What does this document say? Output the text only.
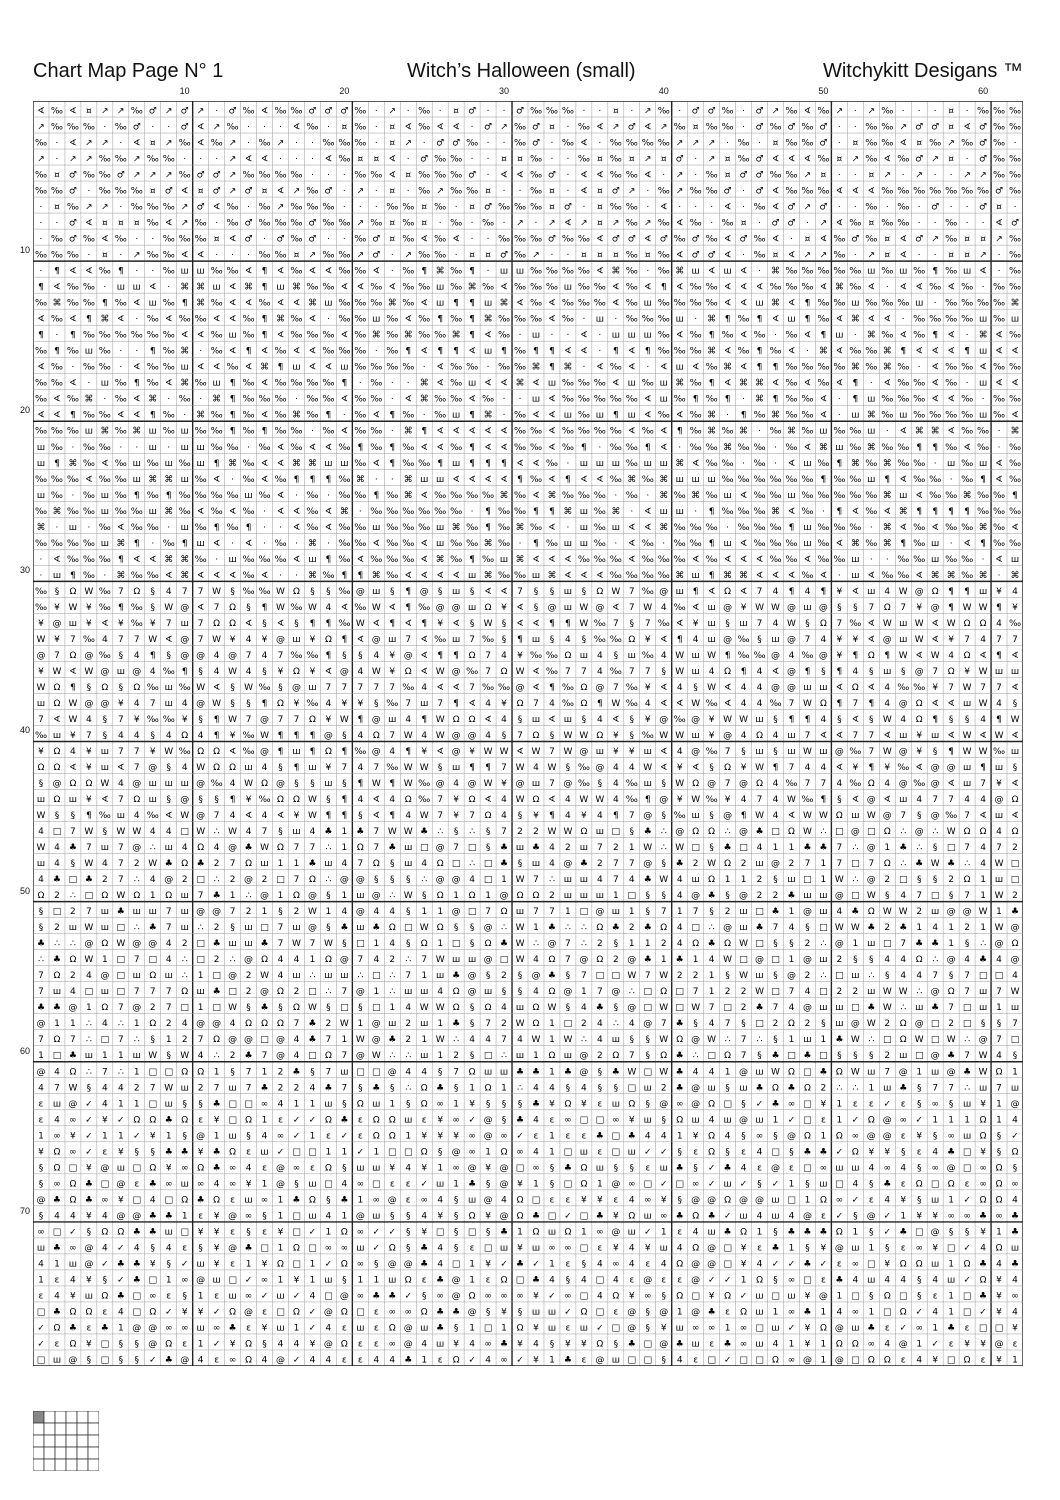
Chart Map Page N° 1	Witch’s Halloween (small)	Witchykitt Desigans ™
10	20	30	40	50	60
10
20
30
40
50
60
70
∢ ‰ ∢ ¤ ↗ ↗ ‰ ♂ ↗ ♂ ↗ · ♂ ‰ ∢ ‰ ‰ ♂ ♂ ♂ ‰ · ↗ · ‰ · ¤ ♂ · · ♂ ‰ ‰ ‰ · · ¤ · ↗ ‰ · ♂ ♂ ‰ · ♂ ↗ ‰ ∢ ‰ ↗ · ↗ ‰ · · · ¤ · ‰ ‰ ‰
↗ ‰ ‰ ‰ · ‰ ♂ · · ♂ ∢ ↗ ‰ · · · ∢ ‰ · ¤ ‰ · ¤ ∢ ‰ ∢ ∢ · ♂ ↗ ‰ ♂ ¤ · ‰ ∢ ↗ ♂ ∢ ↗ ‰ ¤ ‰ ‰ · ♂ ‰ ♂ ‰ ♂ · · ‰ ‰ ↗ ♂ ♂ ¤ ∢ ♂ ‰ ‰
‰ · ∢ ↗ ↗ · ∢ ¤ ↗ ‰ ∢ ‰ ↗ · ‰ ↗ · · ‰ ‰ ‰ · ¤ ↗ · ♂ ♂ ‰ · · ‰ ♂ · ‰ ∢ · ‰ ‰ ‰ ‰ ↗ ↗ ↗ · ‰ · ¤ ‰ ‰ ♂ · ¤ ‰ ‰ ∢ ¤ ‰ ↗ ‰ ♂ ‰ ·
↗ · ↗ ↗ ‰ ‰ ↗ ‰ ‰ · · · ↗ ∢ ∢ · · · ∢ ‰ ¤ ¤ ∢ · ♂ ‰ ‰ · · ¤ ¤ ‰ · · ‰ ¤ ‰ ¤ ↗ ¤ ♂ · ↗ ¤ ‰ ♂ ∢ ∢ ∢ ‰ ¤ ↗ ‰ ∢ ‰ ♂ ↗ ¤ · ♂ ‰ ‰
‰ ¤ ♂ ‰ ‰ ♂ ↗ ↗ ↗ ‰ ♂ ♂ ↗ ‰ ‰ ‰ ‰ · · · ‰ ‰ ∢ ¤ ‰ ‰ ‰ ♂ · ∢ ∢ ‰ ♂ · ∢ ∢ ‰ ‰ ∢ · ↗ · ‰ ¤ ♂ ♂ ‰ ‰ ↗ ¤ · · ¤ ↗ · ↗ · · ↗ ↗ ‰ ‰
‰ ‰ ♂ · ‰ ‰ ‰ ¤ ♂ ∢ ¤ ♂ ↗ ♂ ¤ ∢ ↗ ‰ ♂ · ↗ · ¤ · ‰ ↗ ‰ ‰ ¤ · · ‰ ¤ · ∢ ¤ ♂ ↗ · ‰ ↗ ‰ ‰ ♂ · ♂ ∢ ‰ ‰ ‰ ∢ ∢ ∢ ‰ ‰ ‰ ‰ ‰ ‰ ‰ ♂ ‰
· ¤ ‰ ↗ ↗ · ‰ ‰ ‰ ↗ ♂ ∢ ‰ · ‰ ↗ ‰ ‰ ‰ · · · ‰ ‰ ¤ ‰ · ¤ ♂ ‰ ‰ ‰ ¤ ♂ · ¤ ‰ ‰ · ∢ · · · ∢ · ‰ ∢ ♂ ↗ ♂ · · ‰ · ‰ · ♂ · · ♂ ¤ ·
· · ♂ ∢ ¤ ¤ ¤ ‰ ∢ ↗ ‰ · ‰ ♂ ‰ ‰ ‰ ♂ ‰ ‰ ↗ ‰ ¤ ‰ ¤ · ‰ · ‰ · ↗ · ↗ ∢ ↗ ¤ ↗ ‰ ↗ ‰ ∢ ‰ · ‰ ¤ · ♂ ♂ · ↗ ∢ ‰ ¤ ‰ ‰ · · ‰ · · ∢ ♂
· ‰ ♂ ‰ ∢ ‰ · · ‰ ‰ ‰ ¤ ∢ ♂ · ♂ ‰ ♂ · · ‰ ♂ ¤ ‰ ∢ ‰ ∢ · · ‰ ‰ ‰ ♂ ‰ ‰ ∢ ♂ ♂ ∢ ♂ ‰ ♂ ‰ ∢ ♂ ‰ ∢ · ¤ ∢ ‰ ♂ ‰ ¤ ∢ ♂ ↗ ‰ ¤ ¤ ↗ ‰
‰ ‰ ‰ · ¤ · ↗ ‰ ‰ ∢ ∢ · · · ‰ ‰ ¤ ↗ ‰ ‰ ↗ ♂ · ↗ ‰ ‰ · ¤ ¤ ♂ ‰ ↗ · · ¤ ¤ ¤ ‰ ¤ ‰ ∢ ♂ ♂ ∢ · ‰ ¤ ∢ ↗ ↗ ‰ · ↗ ¤ ∢ · · ¤ ¤ ↗ · ‰
· ¶ ∢ ∢ ‰ ¶ · · ‰ ш ш ‰ ‰ ∢ ¶ ∢ ‰ ∢ ∢ ‰ ‰ ∢ · ‰ ¶ ⌘ ‰ ¶ · ш ш ‰ ‰ ‰ ‰ ∢ ⌘ ‰ · ‰ ⌘ ш ∢ ш ∢ · ⌘ ‰ ‰ ‰ ‰ ‰ ш ‰ ш ‰ ¶ ‰ ш ∢ · ‰
¶ ∢ ‰ ‰ · ш ш ∢ · ⌘ ⌘ ш ∢ ⌘ ¶ ш ⌘ ‰ ‰ ∢ ∢ ‰ ∢ ‰ ‰ ш ‰ ⌘ ‰ ∢ ‰ ‰ ‰ ш ‰ ‰ ∢ ‰ ∢ ¶ ∢ ‰ ‰ ∢ ∢ ∢ ‰ ‰ ‰ ∢ ⌘ ‰ ∢ · ∢ ∢ ‰ ∢ ‰ · ‰ ‰
‰ ⌘ ‰ ‰ ¶ ‰ ∢ ш ‰ ¶ ⌘ ‰ ∢ ∢ ‰ ∢ ∢ ⌘ ш ‰ ‰ ‰ ⌘ ‰ ∢ ш ¶ ¶ ш ⌘ ∢ ‰ ∢ ‰ ‰ ‰ ∢ ‰ ш ‰ ‰ ‰ ‰ ∢ ∢ ш ⌘ ∢ ¶ ‰ ‰ ш ‰ ‰ ‰ ш · ‰ ‰ ‰ ‰ ⌘
∢ ‰ ∢ ¶ ⌘ ∢ · ‰ ∢ ‰ ‰ ∢ ∢ ‰ ¶ ⌘ ‰ ∢ · ‰ ‰ ш ‰ ∢ ‰ ¶ ‰ ¶ ⌘ ‰ ‰ ‰ ∢ ‰ · ш · ‰ ‰ ‰ ш · ⌘ ¶ ‰ ¶ ∢ ш ¶ ‰ ∢ ⌘ ∢ ∢ · ‰ ‰ ‰ ‰ ш ‰ ш
¶ · ¶ ‰ ‰ ‰ ‰ ‰ ‰ ∢ ∢ ‰ ш ‰ ¶ ∢ ‰ ‰ ‰ ∢ ‰ ⌘ ‰ ⌘ ‰ ‰ ⌘ ¶ ∢ ‰ · ш · · ∢ · ш ш ш ‰ ∢ ‰ ¶ ‰ ∢ ‰ · ‰ ∢ ¶ ш · ⌘ ‰ ∢ ‰ ¶ ∢ · ⌘ ∢ ‰
‰ ¶ ‰ ш ‰ · · ¶ ‰ ⌘ · ‰ ∢ ¶ ∢ ‰ ∢ ∢ ‰ ‰ ‰ · ‰ ¶ ∢ ¶ ¶ ∢ ш ¶ ‰ ¶ ¶ ∢ ∢ · ¶ ∢ ¶ ‰ ‰ ‰ ⌘ ∢ ‰ ¶ ‰ ∢ · ⌘ ∢ ‰ ‰ ⌘ ¶ ∢ ∢ ∢ ¶ ш ∢ ∢
∢ ‰ · ‰ ‰ · ∢ ‰ ‰ ш ∢ ∢ ‰ ∢ ⌘ ¶ ш ∢ ∢ ш ‰ ‰ ‰ ‰ · ∢ ‰ ‰ · ‰ ‰ ⌘ ¶ ⌘ · ∢ ‰ ∢ · ∢ ш ∢ ‰ ⌘ ∢ ¶ ¶ ‰ ‰ ‰ ‰ ⌘ ‰ ⌘ ‰ · ∢ ‰ ‰ ∢ ‰ ‰
‰ ‰ ∢ · ш ‰ ¶ ‰ ∢ ⌘ ‰ ш ¶ ‰ ∢ ‰ ‰ ‰ ‰ ¶ · ‰ · · ⌘ ∢ ‰ ш ∢ ∢ ⌘ ∢ ш ‰ ‰ ‰ ∢ ш ‰ ш ⌘ ‰ ¶ ∢ ⌘ ⌘ ∢ ‰ ∢ ‰ ∢ ¶ · ∢ ‰ ‰ ∢ ‰ · ш ∢ ∢
‰ ∢ ‰ ⌘ · ‰ ∢ ⌘ · ‰ · ⌘ ¶ ‰ ‰ ‰ · ‰ ‰ ∢ ‰ ‰ · ∢ ⌘ ‰ ‰ ∢ ‰ · · ш ∢ ‰ ‰ ‰ ‰ ‰ ∢ ш ‰ ¶ ‰ ¶ · ⌘ ¶ ‰ ‰ ∢ · ¶ ш ‰ ‰ ‰ ∢ ∢ ‰ · ‰ ‰
∢ ∢ ¶ ‰ ‰ ∢ ∢ ¶ ‰ · ⌘ ‰ ¶ ‰ ∢ ‰ ⌘ ‰ ¶ · ‰ ∢ ¶ ‰ · ‰ ш ¶ ⌘ · ‰ ∢ ∢ ш ‰ ш ¶ ш ∢ ‰ ∢ ‰ ⌘ · ¶ ‰ ⌘ ‰ ‰ ∢ · ш ⌘ ‰ ш ‰ ‰ ‰ ‰ ш ‰ ∢
‰ ‰ ‰ ш ⌘ ‰ ⌘ ш ‰ ш ‰ ‰ ¶ ‰ ¶ ‰ ‰ · ‰ ∢ ‰ ‰ · ⌘ ¶ ∢ ∢ ∢ ∢ ∢ ‰ ‰ ∢ ‰ ‰ ‰ ‰ ∢ ‰ ∢ ¶ ‰ ⌘ ‰ ⌘ · ‰ ⌘ ‰ ш ‰ ‰ ш · ∢ ⌘ ⌘ ∢ ‰ ‰ · ⌘
ш ‰ · ‰ ‰ · · ш · ш ш ‰ ‰ · ‰ ∢ ‰ ∢ ∢ ‰ ¶ ‰ ¶ ‰ ∢ ∢ ‰ ¶ ∢ ∢ ‰ ‰ ∢ ‰ ¶ · ‰ ‰ ¶ ∢ · ‰ ‰ ⌘ ‰ ‰ · ‰ ∢ ⌘ ш ‰ ⌘ ‰ ‰ ¶ ¶ ‰ ∢ ‰ · ‰
ш ¶ ⌘ ‰ ∢ ‰ ш ‰ ш ‰ ш ¶ ⌘ ‰ ∢ ∢ ⌘ ⌘ ш ш ‰ ∢ ¶ ‰ ‰ ¶ ш ¶ ¶ ¶ ∢ ∢ ‰ · ш ш ш ‰ ш ш ⌘ ∢ ‰ ‰ · ‰ · ∢ ш ‰ ¶ ⌘ ‰ ⌘ ‰ ‰ · ш ‰ ш ∢ ‰
‰ ‰ ‰ ∢ ‰ ‰ ш ⌘ ⌘ ш ‰ ∢ · ‰ ∢ ‰ ¶ ¶ ¶ ‰ ⌘ · · ⌘ ш ш ∢ ∢ ∢ ∢ ¶ ‰ ∢ ¶ ∢ ∢ ‰ ⌘ ‰ ⌘ ш ш ш ‰ ‰ ‰ ‰ ‰ ‰ ¶ ‰ ‰ ш ¶ ∢ ‰ ‰ · ‰ ¶ ∢ ‰
ш ‰ · ‰ ш ‰ ¶ ‰ ¶ ‰ ‰ ‰ ‰ ш ‰ ∢ · ‰ · ‰ ‰ ¶ ‰ ⌘ ∢ ‰ ‰ ‰ ‰ ⌘ ‰ ∢ ⌘ ‰ ‰ ‰ · ‰ · ⌘ ‰ ⌘ ‰ ш ∢ ‰ ‰ ш ‰ ‰ ‰ ‰ ‰ ⌘ ш ∢ ‰ ‰ ⌘ ‰ ‰ ¶
‰ ⌘ ‰ ‰ ш ‰ ‰ ш ⌘ ‰ ∢ ‰ ∢ ‰ · ∢ ∢ ‰ ∢ ⌘ · ‰ ‰ ‰ ‰ ‰ ‰ · ¶ ‰ ‰ ¶ ¶ ⌘ ш ‰ ⌘ · ∢ ш ш · ¶ ‰ ‰ ‰ ⌘ ∢ ‰ · ¶ ∢ ‰ ∢ ⌘ ¶ ¶ ¶ ¶ ‰ ‰ ‰
⌘ · ш · ‰ ∢ ‰ ‰ · ш ‰ ¶ ‰ ¶ · · ∢ ‰ ∢ ‰ ‰ ш ‰ ‰ ‰ ш ⌘ ‰ ¶ ‰ ⌘ ‰ ∢ · ш ‰ ш ∢ ∢ ⌘ ‰ ‰ ‰ · ‰ ‰ ‰ ¶ ш ‰ ‰ ‰ · ⌘ ∢ ‰ ∢ ‰ ‰ ⌘ ‰ ∢
‰ ‰ ‰ ‰ ш ⌘ ¶ · ‰ ¶ ш ∢ · ∢ · ‰ · ⌘ · ‰ ‰ ∢ ‰ ‰ ∢ ш ‰ ‰ ⌘ ‰ · ¶ ‰ ш ш ‰ · ∢ ‰ · ‰ ‰ ¶ ш ∢ ‰ ‰ ‰ ш ‰ ∢ ⌘ ‰ ⌘ ¶ ‰ ш · ∢ ¶ ‰ ‰
· ∢ ‰ ‰ ‰ ¶ ∢ ∢ ⌘ ⌘ ‰ · ш ‰ ‰ ‰ ∢ ш ¶ ‰ ∢ ‰ ‰ ‰ ∢ ⌘ ‰ ¶ ‰ ш ⌘ ∢ ∢ ∢ ‰ ‰ ‰ ∢ ‰ ‰ ‰ ∢ ‰ ∢ ∢ ∢ ‰ ‰ ∢ ‰ ‰ ш · · ‰ ‰ ш ‰ ‰ · ∢ ш
· ш ¶ ‰ · ⌘ ‰ ‰ ∢ ⌘ ∢ ∢ ∢ ‰ ∢ · · ⌘ ‰ ¶ ¶ ⌘ ‰ ∢ ∢ ∢ ∢ ш ⌘ ‰ ‰ ш ⌘ ∢ ∢ ∢ ‰ ‰ ‰ ‰ ⌘ ш ¶ ⌘ ⌘ ∢ ∢ ∢ ‰ ∢ · ш ∢ ‰ ‰ ∢ ⌘ ⌘ ‰ ⌘ · ⌘
‰ § Ω W ‰ 7 Ω § 4 7 7 W § ‰ ‰ W Ω § § ‰ @ ш § ¶ @ § ш § ∢ ∢ 7 § § ш § Ω W 7 ‰ @ ш ¶ ∢ Ω ∢ 7 4 ¶ 4 ¶ ¥ ∢ ш 4 W @ Ω ¶ ¶ ш ¥ 4
‰ ¥ W ¥ ‰ ¶ ‰ § W @ ∢ 7 Ω § ¶ W ‰ W 4 ∢ ‰ W ∢ ¶ ‰ @ @ ш Ω ¥ ∢ § @ ш W @ ∢ 7 W 4 ‰ ∢ ш @ ¥ W W @ ш @ § § 7 Ω 7 ¥ @ ¶ W W ¶ ¥
¥ @ ш ¥ ∢ ¥ ‰ ¥ 7 ш 7 Ω Ω ∢ § ∢ § ¶ ¶ ‰ W ∢ ¶ ∢ ¶ ¥ ∢ § W § ∢ ∢ ¶ ¶ W ‰ 7 § 7 ‰ ∢ ¥ ш § ш 7 4 W § Ω 7 ‰ ∢ W ш W ∢ W Ω Ω 4 ‰
W ¥ 7 ‰ 4 7 7 W ∢ @ 7 W ¥ 4 ¥ @ ш ¥ Ω ¶ ∢ @ ш 7 ∢ ‰ ш 7 ‰ § ¶ ш § 4 § ‰ ‰ Ω ¥ ∢ ¶ 4 ш @ ‰ § ш @ 7 4 ¥ ¥ ∢ @ ш W ∢ ¥ 7 4 7 7
@ 7 Ω @ ‰ § 4 ¶ § @ @ 4 @ 7 4 7 ‰ ‰ ¶ § § 4 ¥ @ ∢ ¶ ¶ Ω 7 4 ¥ ‰ ‰ Ω ш 4 § ш ‰ 4 W ш W ¶ ‰ ‰ @ 4 ‰ @ ¥ ¶ Ω ¶ W ∢ W 4 Ω ∢ ¶ ∢
¥ W ∢ W @ ш @ 4 ‰ ¶ § 4 W 4 § ¥ Ω ¥ ∢ @ 4 W ¥ Ω ∢ W @ ‰ 7 Ω W ∢ ‰ 7 7 4 ‰ 7 7 § W ш 4 Ω ¶ 4 ∢ @ ¶ § ¶ 4 § ш § @ 7 Ω ¥ W ш ш
W Ω ¶ § Ω § Ω ‰ ш ‰ W ∢ § W ‰ § @ ш 7 7 7 7 7 ‰ 4 ∢ ∢ 7 ‰ ‰ @ ∢ ¶ ‰ Ω @ 7 ‰ ¥ ∢ 4 § W ∢ 4 4 @ @ ш ш ∢ Ω ∢ 4 ‰ ‰ ¥ 7 W 7 7 ∢
ш Ω W @ @ ¥ 4 7 ш 4 @ W § § ¶ Ω ¥ ‰ 4 ¥ ¥ § ‰ 7 ш 7 ¶ ∢ 4 ¥ Ω 7 4 ‰ Ω ¶ W ‰ 4 ∢ ∢ W ‰ ∢ 4 4 ‰ 7 W Ω ¶ 7 ¶ 4 @ Ω ∢ ∢ ш W 4 §
7 ∢ W 4 § 7 ¥ ‰ ‰ ¥ § ¶ W 7 @ 7 7 Ω ¥ W ¶ @ ш 4 ¶ W Ω Ω ∢ 4 § ш ∢ ш § 4 ∢ § ¥ @ ‰ @ ¥ W W ш § ¶ ¶ 4 § ∢ § W 4 Ω ¶ § § 4 ¶ W
‰ ш ¥ 7 § 4 4 § 4 Ω 4 ¶ ¥ ‰ W ¶ ¶ ¶ @ § 4 Ω 7 W 4 W @ @ 4 § 7 Ω § W W Ω ¥ § ‰ W W ш ¥ @ 4 Ω 4 ш 7 ∢ ∢ 7 7 ∢ ш ¥ ш ∢ W ∢ W ∢
¥ Ω 4 ¥ ш 7 7 ¥ W ‰ Ω Ω ∢ ‰ @ ¶ ш ¶ Ω ¶ ‰ @ 4 ¶ ¥ ∢ @ ¥ W W ∢ W 7 W @ ш ¥ ¥ ш ∢ 4 @ ‰ 7 § ш § ш W ш @ ‰ 7 W @ ¥ § ¶ W W ‰ ш
Ω Ω ∢ ¥ ш ∢ 7 @ § 4 W Ω Ω ш 4 § ¶ ш ¥ 7 4 7 ‰ W W § ш ¶ ¶ 7 W 4 W § ‰ @ 4 4 W ∢ ¥ ∢ § Ω ¥ W ¶ 7 4 4 ∢ ¥ ¶ ¥ ‰ ∢ @ @ ш ¶ ш §
§ @ Ω Ω W 4 @ ш ш ш @ ‰ 4 W Ω @ § § ш § ¶ W ¶ W ‰ @ 4 @ W ¥ @ ш 7 @ ‰ § 4 ‰ ш § W Ω @ 7 @ Ω 4 ‰ 7 7 4 ‰ Ω 4 @ ‰ @ ∢ ш 7 ¥ ∢
ш Ω ш ¥ ∢ 7 Ω ш § @ § § ¶ ¥ ‰ Ω Ω W § ¶ 4 ∢ 4 Ω ‰ 7 ¥ Ω ∢ 4 W Ω ∢ 4 W W 4 ‰ ¶ @ ¥ W ‰ ¥ 4 7 4 W ‰ ¶ § ∢ @ ∢ ш 4 7 7 4 4 @ Ω
W § § ¶ ‰ ш 4 ‰ ∢ W @ 7 4 ∢ 4 ∢ ¥ W ¶ ¶ § ∢ ¶ 4 W 7 ¥ 7 Ω 4 § ¥ ¶ 4 ¥ 4 ¶ 7 @ § ‰ ш § @ ¶ W 4 ∢ W W Ω ш W @ 7 § @ ‰ 7 ∢ ш ∢
4 □ 7 W § W W 4 4 □ W ∴ W 4 7 § ш 4 ♣ 1 ♣ 7 W W ♣ ∴ § ∴ § 7 2 2 W W Ω ш □ § ♣ ∴ @ Ω Ω ∴ @ ♣ □ Ω W ∴ □ @ □ Ω ∴ @ ∴ W Ω Ω 4 Ω
W 4 ♣ 7 ш 7 @ ∴ ш 4 Ω 4 @ ♣ W Ω 7 7 ∴ 1 Ω 7 ♣ ш □ @ 7 □ § ♣ ш ♣ 4 2 ш 7 2 1 W ∴ W □ § ♣ □ 4 1 1 ♣ ♣ 7 ∴ @ 1 ♣ ∴ § □ 7 4 7 2
ш 4 § W 4 7 2 W ♣ Ω ♣ 2 7 Ω ш 1 1 ♣ ш 4 7 Ω § ш 4 Ω □ ∴ □ ♣ § ш 4 @ ♣ 2 7 7 @ § ♣ 2 W Ω 2 ш @ 2 7 1 7 □ 7 Ω ∴ ♣ W ♣ ∴ 4 W □
4 ♣ □ ♣ 2 7 ∴ 4 @ 2 □ ∴ 2 @ 2 □ 7 Ω ∴ @ @ § § § ∴ @ @ 4 □ 1 W 7 ∴ ш ш 4 7 4 ♣ W 4 ш Ω 1 1 2 § ш □ 1 W ∴ @ 2 □ § § 2 Ω 1 ш □
Ω 2 ∴ □ Ω W Ω 1 Ω ш 7 ♣ 1 ∴ @ 1 Ω @ § 1 ш @ ∴ W § Ω 1 Ω 1 @ Ω Ω 2 ш ш ш 1 □ § § 4 @ ♣ § @ 2 2 ♣ ш ш @ □ W § 4 7 □ § 7 1 W 2
§ □ 2 7 ш ♣ ш ш 7 ш @ @ 7 2 1 § 2 W 1 4 @ 4 4 § 1 1 @ □ 7 Ω ш 7 7 1 □ @ ш 1 § 7 1 7 § 2 ш □ ♣ 1 @ ш 4 ♣ Ω W W 2 ш @ @ W 1 ♣
§ 2 ш W ш □ ∴ ♣ 7 ш ∴ 2 § ш □ 7 ш @ § ♣ ш ♣ Ω □ W Ω § § @ ∴ W 1 ♣ ∴ ∴ Ω ♣ 2 ♣ Ω 4 □ ∴ @ ш ♣ 7 4 § □ W W ♣ 2 ♣ 1 4 1 2 1 W @
♣ ∴ ∴ @ Ω W @ @ 4 2 □ ♣ ш ш ♣ 7 W 7 W § □ 1 4 § Ω 1 □ § Ω ♣ W ∴ @ 7 ∴ 2 § 1 1 2 4 Ω ♣ Ω W □ § § 2 ∴ @ 1 ш □ 7 ♣ ♣ 1 § ∴ @ Ω
∴ ♣ Ω W 1 □ 7 □ 4 ∴ □ 2 ∴ @ Ω 4 4 1 Ω @ 7 4 2 ∴ 7 W ш ш @ □ W 4 Ω 7 @ Ω 2 @ ♣ 1 ♣ 1 4 W □ @ □ 1 @ ш 2 § § 4 4 Ω ∴ @ 4 ♣ 4 @
7 Ω 2 4 @ □ ш Ω ш ∴ 1 □ @ 2 W 4 ш ∴ ш ш ∴ □ ∴ 7 1 ш ♣ @ § 2 § @ ♣ § 7 □ □ W 7 W 2 2 1 § W ш § @ 2 ∴ □ ш ∴ § 4 4 7 § 7 □ □ 4
7 ш 4 □ ш □ 7 7 7 Ω ш ♣ □ 2 @ Ω 2 □ ∴ 7 @ 1 ∴ ш ш 4 Ω @ ш § § 4 Ω @ 1 7 @ ∴ □ Ω □ 7 1 2 2 W □ 7 4 □ 2 2 ш W W ∴ @ Ω 7 ш 7 W
♣ ♣ @ 1 Ω 7 @ 2 7 □ 1 □ W § ♣ § Ω W § □ § □ 1 4 W W Ω § Ω 4 ш Ω W § 4 ♣ § @ □ W □ W 7 □ 2 ♣ 7 4 @ ш ш □ ♣ W ∴ ш ♣ 7 □ ш 1 ш
@ 1 1 ∴ 4 ∴ 1 Ω 2 4 @ @ 4 Ω Ω Ω 7 ♣ 2 W 1 @ ш 2 ш 1 ♣ § 7 2 W Ω 1 □ 2 4 ∴ 4 @ 7 ♣ § 4 7 § □ 2 Ω 2 § ш @ W 2 Ω @ □ 2 □ § § 7
7 Ω 7 ∴ □ 7 ∴ § 1 2 7 Ω @ @ □ @ 4 ♣ 7 1 W @ ♣ 2 1 W ∴ 4 4 7 4 W 1 W ∴ 4 ш § § W Ω @ W ∴ 7 ∴ § 1 ш 1 ♣ W ∴ □ Ω W □ W ∴ @ 7 □
1 □ ♣ ш 1 1 ш W § W 4 ∴ 2 ♣ 7 @ 4 □ Ω 7 @ W ∴ ∴ ш 1 2 § □ ∴ ш 1 Ω ш @ 2 Ω 7 § Ω ♣ ∴ □ Ω 7 § ♣ □ ♣ □ § § § 2 ш □ @ ♣ 7 W 4 §
@ 4 Ω ∴ 7 ∴ 1 □ □ Ω Ω 1 § 7 1 2 ♣ § 7 ш □ □ @ 4 4 § 7 Ω ш ш ♣ ♣ 1 ♣ @ § ♣ W □ W ♣ 4 4 1 @ ш W Ω □ ♣ Ω W ш 7 @ 1 ш @ ♣ W Ω 1
4 7 W § 4 4 2 7 W ш 2 7 ш 7 ♣ 2 2 4 ♣ 7 § ♣ § ∴ Ω ♣ § 1 Ω 1 ∴ 4 4 § 4 § § □ ш 2 ♣ @ ш § ш ♣ Ω ♣ Ω 2 ∴ ∴ 1 ш ♣ § 7 7 ∴ ш 7 ш
ε ш @ ✓ 4 1 1 □ ш § § ♣ □ □ ∞ 4 1 1 ш § Ω ш 1 § Ω ∞ 1 ¥ § § § ♣ ¥ Ω ¥ ε ш Ω § @ ∞ @ Ω □ § ✓ ♣ ∞ □ ¥ 1 ε ε ✓ ε § ∞ § ш ¥ 1 @
ε 4 ∞ ✓ ¥ ✓ Ω Ω ♣ Ω ε ¥ □ Ω 1 ε ✓ ✓ Ω ♣ ε Ω Ω ш ε ¥ ∞ ✓ @ § ♣ 4 ε ∞ □ □ ∞ ¥ ш § Ω ш 4 ш @ ш 1 ✓ □ ε 1 ✓ Ω @ ∞ ✓ 1 1 1 Ω 1 4
1 ∞ ¥ ✓ 1 1 ✓ ¥ 1 § @ 1 ш § 4 ∞ ✓ 1 ε ✓ ε Ω Ω 1 ¥ ¥ ¥ ∞ @ ∞ ✓ ε 1 ε ε ♣ □ ♣ 4 4 1 ¥ Ω 4 § ∞ § @ Ω 1 Ω ∞ @ @ ε ¥ § ∞ ш Ω § ✓
¥ Ω ∞ ✓ ε ¥ § § ♣ ♣ ¥ ♣ Ω ε ш ✓ □ □ 1 1 ✓ 1 □ □ Ω § @ ∞ 1 Ω ∞ 4 1 □ ш ε □ ш ✓ ✓ § ε Ω § ε 4 □ § ♣ ♣ ✓ Ω ¥ ¥ § ε 4 ♣ □ ¥ § Ω
§ Ω □ ¥ @ ш □ Ω ¥ ∞ Ω ♣ ∞ 4 ε @ ∞ ε Ω § ш ш ¥ 4 ¥ 1 ∞ @ ¥ @ □ ∞ § ♣ Ω ш § § ε ш ♣ § ✓ ♣ 4 ε @ ε □ ∞ ш ш 4 ∞ 4 § ∞ @ □ ∞ Ω §
§ ∞ Ω ♣ □ @ ε ♣ ∞ ш ∞ 4 ∞ ¥ 1 @ § ш □ 4 ∞ □ ε ε ✓ ш 1 ♣ § @ ¥ 1 § □ Ω 1 @ ∞ □ ✓ □ ∞ ✓ ш ✓ § ✓ 1 § ш □ 4 § ♣ ε Ω □ Ω ε ∞ Ω ∞
@ ♣ Ω ♣ ∞ ¥ □ 4 □ Ω ♣ Ω ε ш ∞ 1 ♣ Ω § ♣ 1 ∞ @ ε ∞ 4 § ш @ 4 Ω □ ε ε ¥ ¥ ε 4 ∞ ¥ § @ @ Ω @ @ ш □ 1 Ω ∞ ✓ ε 4 ¥ § ш 1 ✓ Ω Ω 4
§ 4 4 ¥ 4 @ @ ♣ ♣ 1 ε ¥ @ ∞ § 1 □ ш 4 1 @ ш § § 4 ¥ § Ω ¥ @ Ω ♣ □ ✓ □ ♣ ¥ Ω ш ∞ ♣ Ω ♣ ✓ ш 4 ш 4 @ ε ✓ § @ ✓ 1 ¥ ¥ ∞ ∞ ♣ ∞ ♣
∞ □ ✓ § Ω Ω ♣ ♣ ш □ ¥ ¥ ε § ε ¥ □ ✓ 1 Ω ∞ ✓ ✓ § ¥ □ § □ § ♣ 1 Ω ш Ω 1 ∞ @ ш ✓ 1 ε 4 ш ♣ Ω 1 § ♣ ♣ ♣ Ω 1 § ✓ ♣ □ @ § § ¥ 1 ♣
ш ♣ ∞ @ 4 ✓ 4 § 4 ε § ¥ @ ♣ □ 1 Ω □ ∞ ∞ ш ✓ Ω § ♣ 4 § ε □ ш ¥ ш ∞ ∞ □ ε ¥ 4 ¥ ш 4 Ω @ □ ¥ ε ♣ 1 § ¥ @ ш 1 § ε ∞ ¥ □ ✓ 4 Ω ш
4 1 ш @ ✓ ♣ ♣ ¥ § ✓ ш ¥ ε 1 ¥ Ω □ 1 ✓ Ω ∞ § @ @ ♣ 4 □ 1 ¥ ✓ ♣ ✓ 1 ε § 4 ∞ 4 ε 4 Ω @ @ □ ¥ 4 ✓ ✓ ♣ ✓ ε ∞ □ ¥ Ω Ω ш 1 Ω ♣ 4 ♣
1 ε 4 ¥ § ✓ ♣ □ 1 ∞ @ ш □ ✓ ∞ 1 ¥ 1 ш § 1 1 ш Ω ε ♣ @ 1 ε Ω □ ♣ 4 § 4 □ 4 ε @ ε ε @ ✓ ✓ 1 Ω § ∞ □ ε ♣ 4 ш 4 4 § 4 ш ✓ Ω ¥ 4
ε 4 ¥ ш Ω ♣ □ ∞ ε § 1 ε ш ∞ ✓ ш ✓ 4 □ @ ∞ ♣ ♣ ✓ § ∞ @ Ω ∞ ∞ ∞ ¥ ✓ ∞ □ 4 Ω ¥ ∞ § Ω □ ¥ Ω ✓ ш □ ш ¥ @ 1 □ § Ω □ § ε 1 □ ♣ ¥ ∞
□ ♣ Ω Ω ε 4 □ Ω ✓ ¥ ¥ ✓ Ω @ ε □ Ω ✓ @ Ω □ ε ∞ ∞ Ω ♣ ♣ @ § ¥ § ш ш ✓ Ω □ ε @ § @ 1 @ ♣ ε Ω ш 1 ∞ ♣ 1 4 ∞ 1 □ Ω ✓ 4 1 □ ✓ ¥ 4
✓ Ω ♣ ε ♣ 1 @ @ ∞ ∞ ш ∞ ♣ ε ¥ ш 1 ✓ 4 ε ш ε Ω @ ш ♣ § 1 □ 1 Ω ¥ ш ε ш ✓ □ @ § ¥ ш ∞ ∞ 1 ∞ □ ш ✓ ¥ Ω @ ш ♣ ε ✓ ∞ 1 ♣ ε □ □ ¥
✓ ε Ω ¥ □ § § @ Ω ε 1 ✓ ¥ Ω § 4 4 ¥ @ Ω ε ε ∞ @ 4 ш ¥ 4 ∞ ♣ ¥ 4 § ¥ ¥ Ω § ♣ □ @ ♣ ш ε ♣ ∞ ш 4 1 ¥ 1 Ω Ω ∞ 4 @ 1 ✓ ε ¥ ¥ @ ε
□ ш @ § □ § § ✓ ♣ @ 4 ε ∞ Ω 4 @ ✓ 4 4 ε ε 4 4 ♣ 1 ε Ω ✓ 4 ∞ ✓ ¥ 1 ♣ ε @ ш □ □ § 4 ε □ ✓ □ □ Ω ∞ @ 1 @ □ Ω Ω ε 4 ¥ □ Ω ε ¥ 1
